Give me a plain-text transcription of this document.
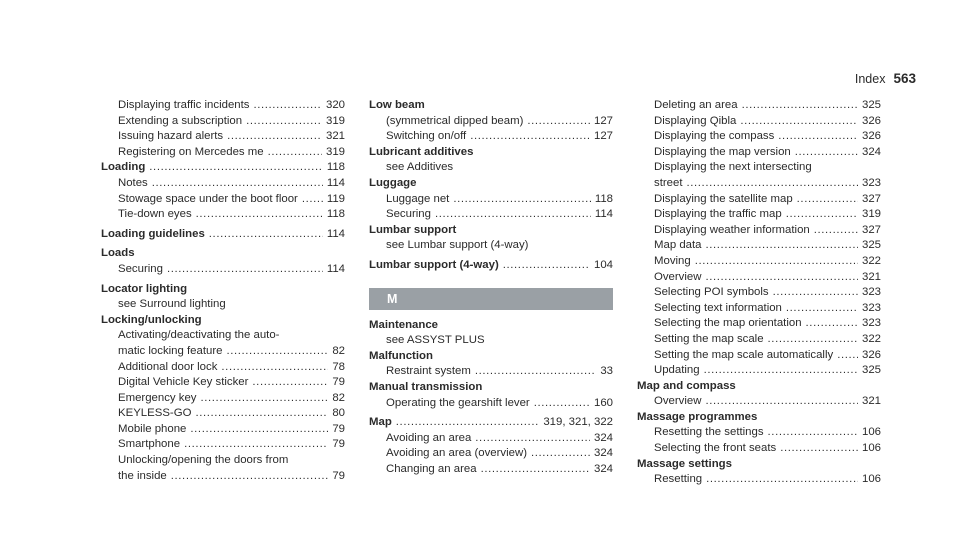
Index 563
Displaying traffic incidents .....	320
Extending a subscription .....	319
Issuing hazard alerts .....	321
Registering on Mercedes me .....	319
Loading .....	118
Notes .....	114
Stowage space under the boot floor .....	119
Tie-down eyes .....	118
Loading guidelines .....	114
Loads
Securing .....	114
Locator lighting
see Surround lighting
Locking/unlocking
Activating/deactivating the auto-
matic locking feature .....	82
Additional door lock .....	78
Digital Vehicle Key sticker .....	79
Emergency key .....	82
KEYLESS-GO .....	80
Mobile phone .....	79
Smartphone .....	79
Unlocking/opening the doors from
the inside .....	79
Low beam
(symmetrical dipped beam) .....	127
Switching on/off .....	127
Lubricant additives
see Additives
Luggage
Luggage net .....	118
Securing .....	114
Lumbar support
see Lumbar support (4-way)
Lumbar support (4-way) .....	104
M
Maintenance
see ASSYST PLUS
Malfunction
Restraint system .....	33
Manual transmission
Operating the gearshift lever .....	160
Map .....	319, 321, 322
Avoiding an area .....	324
Avoiding an area (overview) .....	324
Changing an area .....	324
Deleting an area .....	325
Displaying Qibla .....	326
Displaying the compass .....	326
Displaying the map version .....	324
Displaying the next intersecting
street .....	323
Displaying the satellite map .....	327
Displaying the traffic map .....	319
Displaying weather information .....	327
Map data .....	325
Moving .....	322
Overview .....	321
Selecting POI symbols .....	323
Selecting text information .....	323
Selecting the map orientation .....	323
Setting the map scale .....	322
Setting the map scale automatically .....	326
Updating .....	325
Map and compass
Overview .....	321
Massage programmes
Resetting the settings .....	106
Selecting the front seats .....	106
Massage settings
Resetting .....	106
